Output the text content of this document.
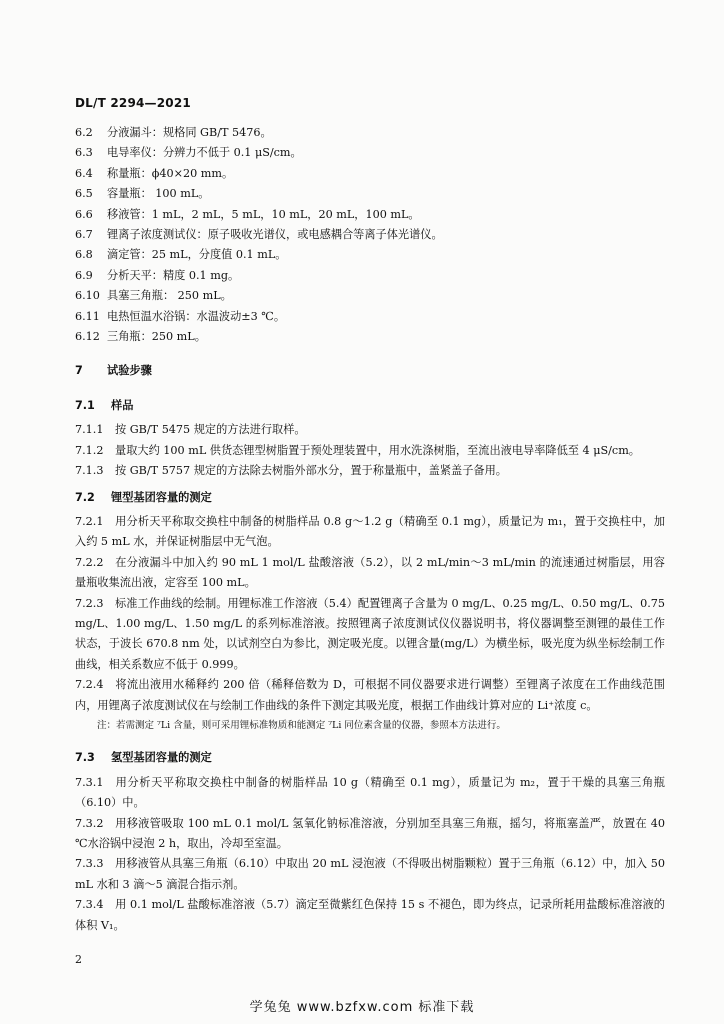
DL/T 2294—2021
6.2 分液漏斗：规格同 GB/T 5476。
6.3 电导率仪：分辨力不低于 0.1 μS/cm。
6.4 称量瓶：ϕ40×20 mm。
6.5 容量瓶： 100 mL。
6.6 移液管：1 mL，2 mL，5 mL，10 mL，20 mL，100 mL。
6.7 锂离子浓度测试仪：原子吸收光谱仪，或电感耦合等离子体光谱仪。
6.8 滴定管：25 mL，分度值 0.1 mL。
6.9 分析天平：精度 0.1 mg。
6.10 具塞三角瓶： 250 mL。
6.11 电热恒温水浴锅：水温波动±3 ℃。
6.12 三角瓶：250 mL。
7 试验步骤
7.1 样品
7.1.1 按 GB/T 5475 规定的方法进行取样。
7.1.2 量取大约 100 mL 供货态锂型树脂置于预处理装置中，用水洗涤树脂，至流出液电导率降低至 4 μS/cm。
7.1.3 按 GB/T 5757 规定的方法除去树脂外部水分，置于称量瓶中，盖紧盖子备用。
7.2 锂型基团容量的测定
7.2.1 用分析天平称取交换柱中制备的树脂样品 0.8 g～1.2 g（精确至 0.1 mg），质量记为 m₁，置于交换柱中，加入约 5 mL 水，并保证树脂层中无气泡。
7.2.2 在分液漏斗中加入约 90 mL 1 mol/L 盐酸溶液（5.2），以 2 mL/min～3 mL/min 的流速通过树脂层，用容量瓶收集流出液，定容至 100 mL。
7.2.3 标准工作曲线的绘制。用锂标准工作溶液（5.4）配置锂离子含量为 0 mg/L、0.25 mg/L、0.50 mg/L、0.75 mg/L、1.00 mg/L、1.50 mg/L 的系列标准溶液。按照锂离子浓度测试仪仪器说明书，将仪器调整至测锂的最佳工作状态，于波长 670.8 nm 处，以试剂空白为参比，测定吸光度。以锂含量(mg/L）为横坐标，吸光度为纵坐标绘制工作曲线，相关系数应不低于 0.999。
7.2.4 将流出液用水稀释约 200 倍（稀释倍数为 D，可根据不同仪器要求进行调整）至锂离子浓度在工作曲线范围内，用锂离子浓度测试仪在与绘制工作曲线的条件下测定其吸光度，根据工作曲线计算对应的 Li⁺浓度 c。
注：若需测定 ⁷Li 含量，则可采用锂标准物质和能测定 ⁷Li 同位素含量的仪器，参照本方法进行。
7.3 氢型基团容量的测定
7.3.1 用分析天平称取交换柱中制备的树脂样品 10 g（精确至 0.1 mg），质量记为 m₂，置于干燥的具塞三角瓶（6.10）中。
7.3.2 用移液管吸取 100 mL 0.1 mol/L 氢氧化钠标准溶液，分别加至具塞三角瓶，摇匀，将瓶塞盖严，放置在 40 ℃水浴锅中浸泡 2 h，取出，冷却至室温。
7.3.3 用移液管从具塞三角瓶（6.10）中取出 20 mL 浸泡液（不得吸出树脂颗粒）置于三角瓶（6.12）中，加入 50 mL 水和 3 滴～5 滴混合指示剂。
7.3.4 用 0.1 mol/L 盐酸标准溶液（5.7）滴定至微紫红色保持 15 s 不褪色，即为终点，记录所耗用盐酸标准溶液的体积 V₁。
2
学兔兔 www.bzfxw.com 标准下载
